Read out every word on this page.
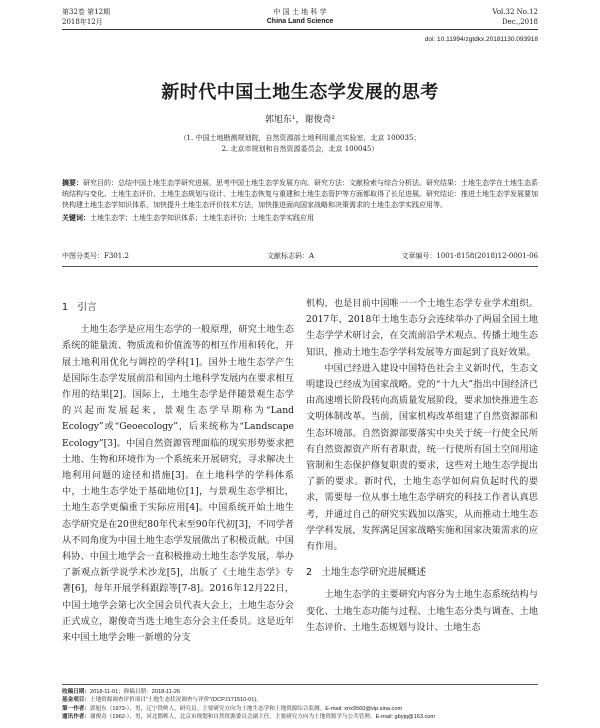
第32卷 第12期
2018年12月
中 国 土 地 科 学
China Land Science
Vol.32 No.12
Dec.,2018
doi: 10.11994/zgtdkx.20181130.093918
新时代中国土地生态学发展的思考
郭旭东¹，谢俊奇²
（1. 中国土地勘测规划院，自然资源部土地利用重点实验室，北京 100035；
2. 北京市规划和自然资源委员会，北京 100045）
摘要：研究目的：总结中国土地生态学研究进展，思考中国土地生态学发展方向。研究方法：文献检索与综合分析法。研究结果：土地生态学在土地生态系统结构与变化、土地生态评价、土地生态规划与设计、土地生态恢复与重建和土地生态管护等方面都取得了长足进展。研究结论：推进土地生态学发展要加快构建土地生态学知识体系，加快提升土地生态评价技术方法，加快推进面向国家战略和决策需求的土地生态学实践应用等。
关键词：土地生态学；土地生态学知识体系；土地生态评价；土地生态学实践应用
中图分类号：F301.2	文献标志码：A	文章编号：1001-8158(2018)12-0001-06
1　引言

土地生态学是应用生态学的一般原理，研究土地生态系统的能量流、物质流和价值流等的相互作用和转化，开展土地利用优化与调控的学科[1]。国外土地生态学产生是国际生态学发展前沿和国内土地科学发展内在要求相互作用的结果[2]。国际上，土地生态学是伴随景观生态学的兴起而发展起来，景观生态学早期称为“Land Ecology”或“Geoecology”，后来统称为“Landscape Ecology”[3]。中国自然资源管理面临的现实形势要求把土地、生物和环境作为一个系统来开展研究，寻求解决土地利用问题的途径和措施[3]。在土地科学的学科体系中，土地生态学处于基础地位[1]，与景观生态学相比，土地生态学更偏重于实际应用[4]。中国系统开始土地生态学研究是在20世纪80年代末至90年代初[3]，不同学者从不同角度为中国土地生态学发展做出了积极贡献。中国科协、中国土地学会一直积极推动土地生态学发展，举办了新观点新学说学术沙龙[5]，出版了《土地生态学》专著[6]，每年开展学科跟踪等[7-8]。2016年12月22日，中国土地学会第七次全国会员代表大会上，土地生态分会正式成立，谢俊奇当选土地生态分会主任委员。这是近年来中国土地学会唯一新增的分支

机构，也是目前中国唯一一个土地生态学专业学术组织。2017年，2018年土地生态分会连续举办了两届全国土地生态学学术研讨会，在交流前沿学术观点、传播土地生态知识、推动土地生态学学科发展等方面起到了良好效果。

中国已经进入建设中国特色社会主义新时代，生态文明建设已经成为国家战略。党的“十九大”指出中国经济已由高速增长阶段转向高质量发展阶段，要求加快推进生态文明体制改革。当前，国家机构改革组建了自然资源部和生态环境部。自然资源部要落实中央关于统一行使全民所有自然资源资产所有者职责，统一行使所有国土空间用途管制和生态保护修复职责的要求，这些对土地生态学提出了新的要求。新时代，土地生态学如何肩负起时代的要求，需要每一位从事土地生态学研究的科技工作者认真思考，并通过自己的研究实践加以落实，从而推动土地生态学学科发展，发挥满足国家战略实施和国家决策需求的应有作用。

2　土地生态学研究进展概述

土地生态学的主要研究内容分为土地生态系统结构与变化、土地生态功能与过程、土地生态分类与调查、土地生态评价、土地生态规划与设计、土地生态

收稿日期：2018-11-01；修稿日期：2018-11-26
基金项目：土地资源调查评价项目“土地生态状况调查与评价”(DCPJ171510-01)。
第一作者：郭旭东（1972-），男，辽宁铁岭人，研究员。主要研究方向为土地生态学和土地资源综合监测。E-mail: xnx9560@vip.sina.com
通讯作者：谢俊奇（1962-），男，河北邯郸人，北京市规划和自然资源委员会副主任。主要研究方向为土地资源学与公共管理。E-mail: gbyjq@163.com
